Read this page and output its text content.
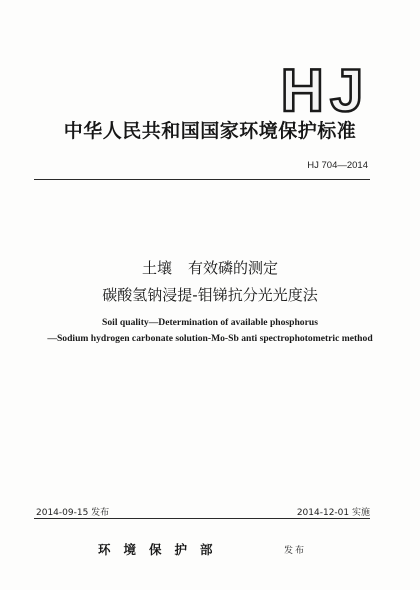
HJ
中华人民共和国国家环境保护标准
HJ 704—2014
土壤 有效磷的测定
碳酸氢钠浸提-钼锑抗分光光度法
Soil quality—Determination of available phosphorus
—Sodium hydrogen carbonate solution-Mo-Sb anti spectrophotometric method
2014-09-15 发布	2014-12-01 实施
环境保护部	发布
